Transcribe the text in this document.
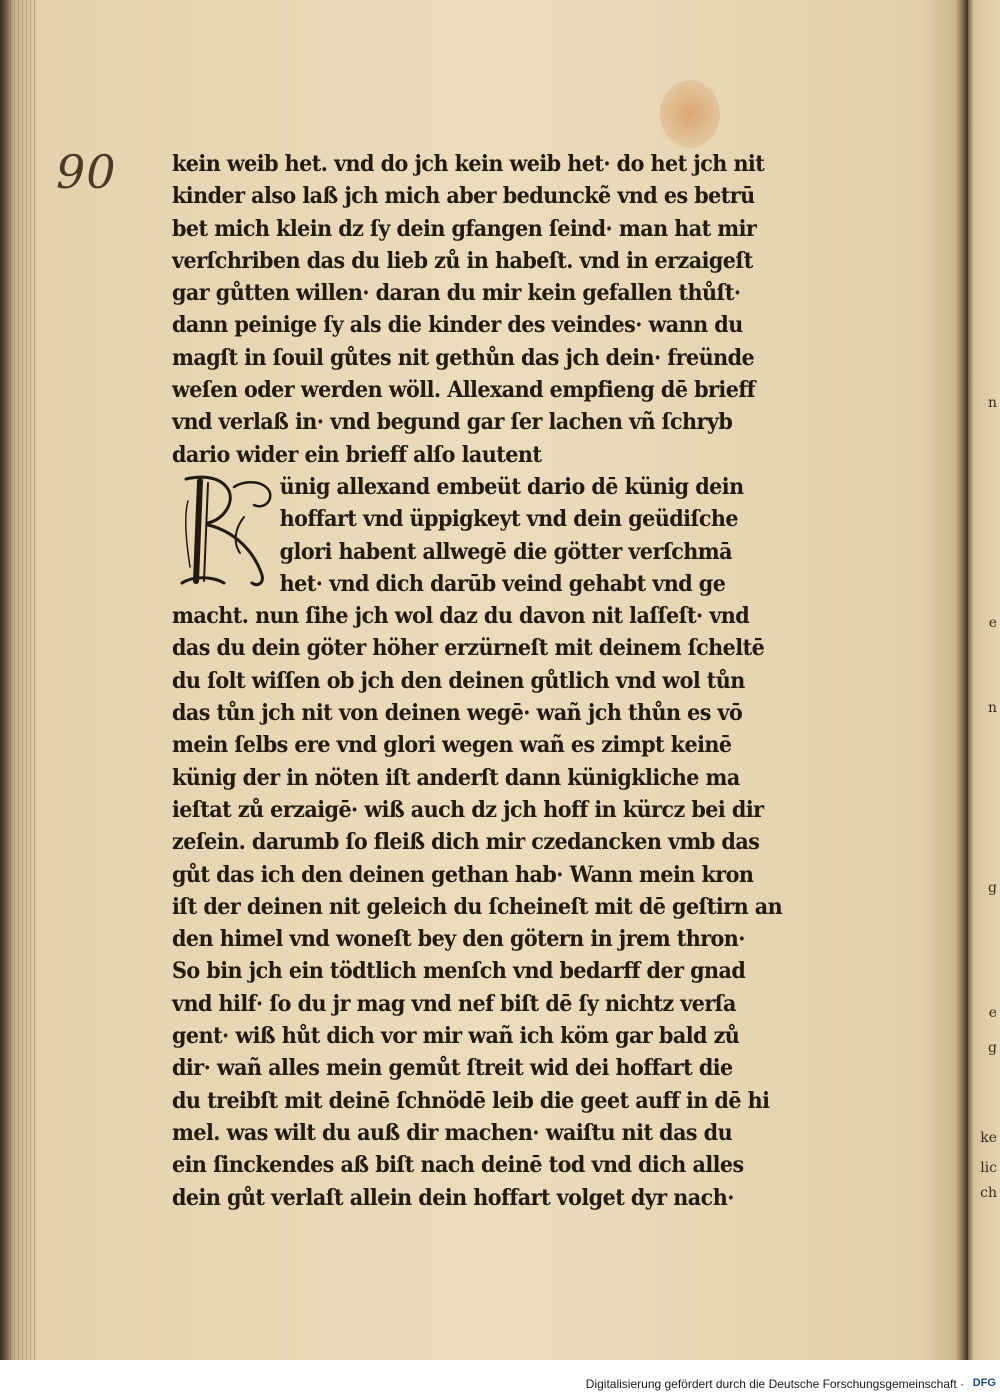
n
e
n
g
e
g
ke
lic
ch
90 kein weib het. vnd do jch kein weib het· do het jch nit
kinder also laß jch mich aber bedunckẽ vnd es betrū
bet mich klein dz ſy dein gfangen ſeind· man hat mir
verſchriben das du lieb zů in habeſt. vnd in erzaigeſt
gar gůtten willen· daran du mir kein gefallen thůſt·
dann peinige ſy als die kinder des veindes· wann du
magſt in ſouil gůtes nit gethůn das jch dein· freünde
weſen oder werden wöll. Allexand empfieng dē brieff
vnd verlaß in· vnd begund gar ſer lachen vñ ſchryb
dario wider ein brieff alſo lautent
ünig allexand embeüt dario dē künig dein
hoffart vnd üppigkeyt vnd dein geüdiſche
glori habent allwegē die götter verſchmā
het· vnd dich darūb veind gehabt vnd ge
macht. nun ſihe jch wol daz du davon nit laſſeſt· vnd
das du dein göter höher erzürneſt mit deinem ſcheltē
du ſolt wiſſen ob jch den deinen gůtlich vnd wol tůn
das tůn jch nit von deinen wegē· wañ jch thůn es vō
mein ſelbs ere vnd glori wegen wañ es zimpt keinē
künig der in nöten iſt anderſt dann künigkliche ma
ieſtat zů erzaigē· wiß auch dz jch hoff in kürcz bei dir
zeſein. darumb ſo fleiß dich mir czedancken vmb das
gůt das ich den deinen gethan hab· Wann mein kron
iſt der deinen nit geleich du ſcheineſt mit dē geſtirn an
den himel vnd woneſt bey den götern in jrem thron·
So bin jch ein tödtlich menſch vnd bedarff der gnad
vnd hilf· ſo du jr mag vnd nef biſt dē ſy nichtz verſa
gent· wiß hůt dich vor mir wañ ich köm gar bald zů
dir· wañ alles mein gemůt ſtreit wid dei hoffart die
du treibſt mit deinē ſchnödē leib die geet auff in dē hi
mel. was wilt du auß dir machen· waiſtu nit das du
ein ſinckendes aß biſt nach deinē tod vnd dich alles
dein gůt verlaſt allein dein hoffart volget dyr nach·
Digitalisierung gefördert durch die Deutsche Forschungsgemeinschaft · DFG
